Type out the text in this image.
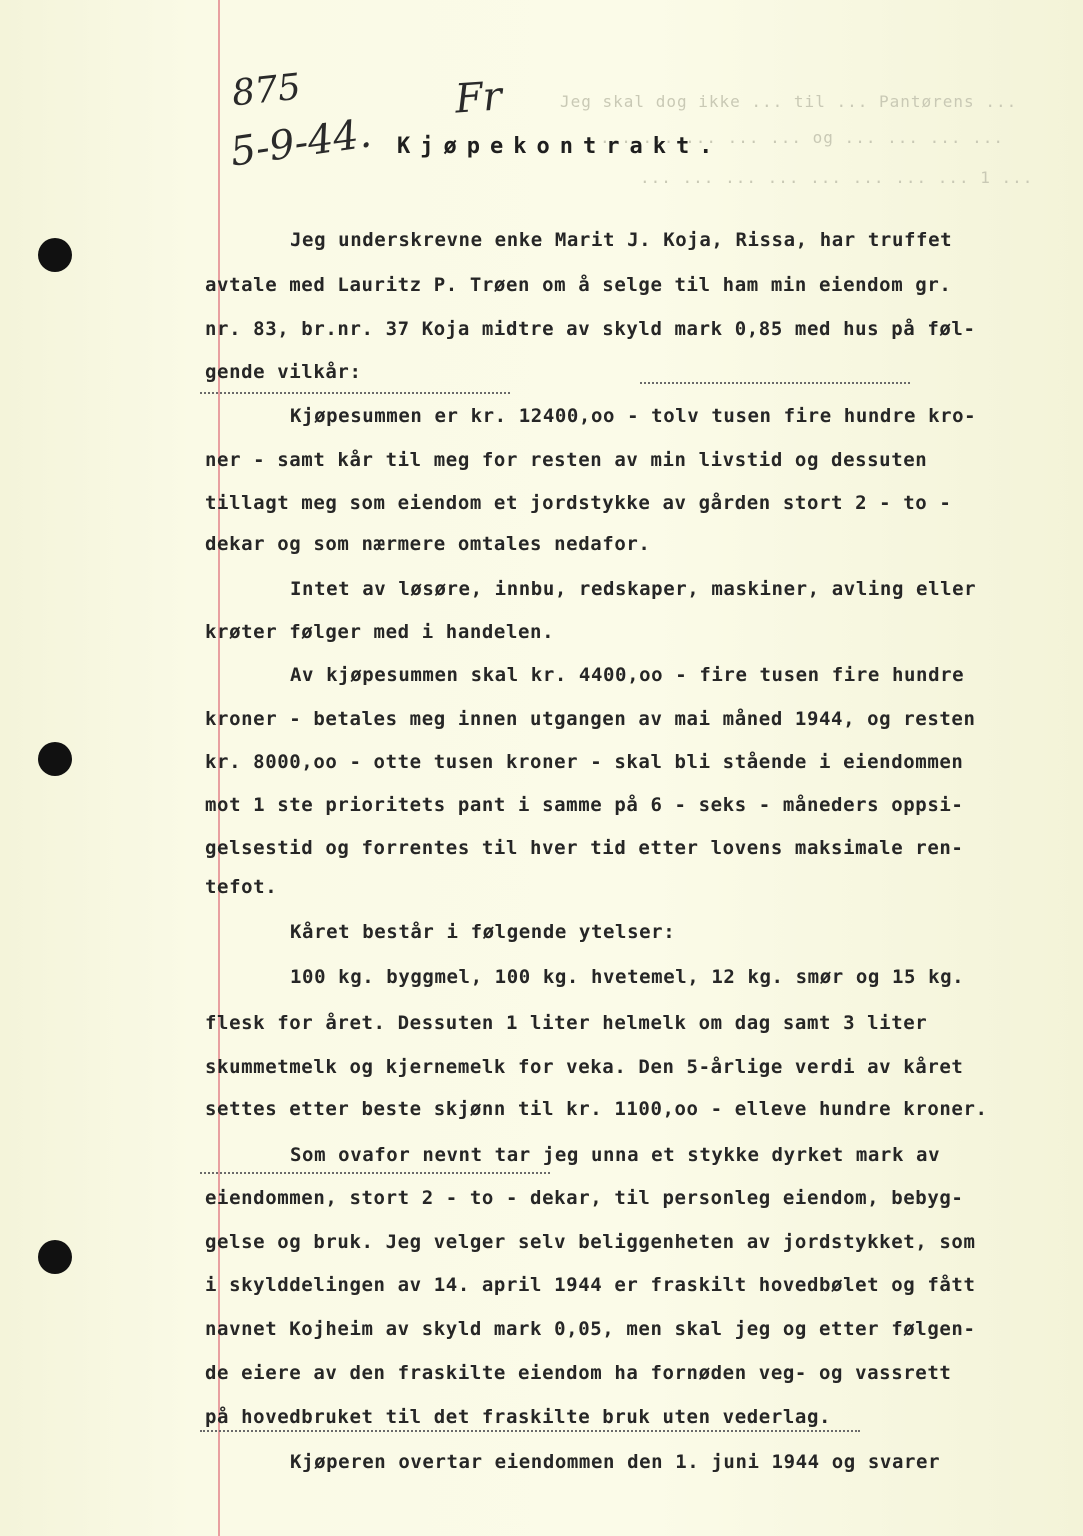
Jeg skal dog ikke ... til ... Pantørens ...
... ... ... ... ... og ... ... ... ...
... ... ... ... ... ... ... ... 1 ...
875
5-9-44.
Fr
Kjøpekontrakt.
Jeg underskrevne enke Marit J. Koja, Rissa, har truffet
avtale med Lauritz P. Trøen om å selge til ham min eiendom gr.
nr. 83, br.nr. 37 Koja midtre av skyld mark 0,85 med hus på føl-
gende vilkår:
Kjøpesummen er kr. 12400,oo - tolv tusen fire hundre kro-
ner - samt kår til meg for resten av min livstid og dessuten
tillagt meg som eiendom et jordstykke av gården stort 2 - to -
dekar og som nærmere omtales nedafor.
Intet av løsøre, innbu, redskaper, maskiner, avling eller
krøter følger med i handelen.
Av kjøpesummen skal kr. 4400,oo - fire tusen fire hundre
kroner - betales meg innen utgangen av mai måned 1944, og resten
kr. 8000,oo - otte tusen kroner - skal bli stående i eiendommen
mot 1 ste prioritets pant i samme på 6 - seks - måneders oppsi-
gelsestid og forrentes til hver tid etter lovens maksimale ren-
tefot.
Kåret består i følgende ytelser:
100 kg. byggmel, 100 kg. hvetemel, 12 kg. smør og 15 kg.
flesk for året. Dessuten 1 liter helmelk om dag samt 3 liter
skummetmelk og kjernemelk for veka. Den 5-årlige verdi av kåret
settes etter beste skjønn til kr. 1100,oo - elleve hundre kroner.
Som ovafor nevnt tar jeg unna et stykke dyrket mark av
eiendommen, stort 2 - to - dekar, til personleg eiendom, bebyg-
gelse og bruk. Jeg velger selv beliggenheten av jordstykket, som
i skylddelingen av 14. april 1944 er fraskilt hovedbølet og fått
navnet Kojheim av skyld mark 0,05, men skal jeg og etter følgen-
de eiere av den fraskilte eiendom ha fornøden veg- og vassrett
på hovedbruket til det fraskilte bruk uten vederlag.
Kjøperen overtar eiendommen den 1. juni 1944 og svarer
